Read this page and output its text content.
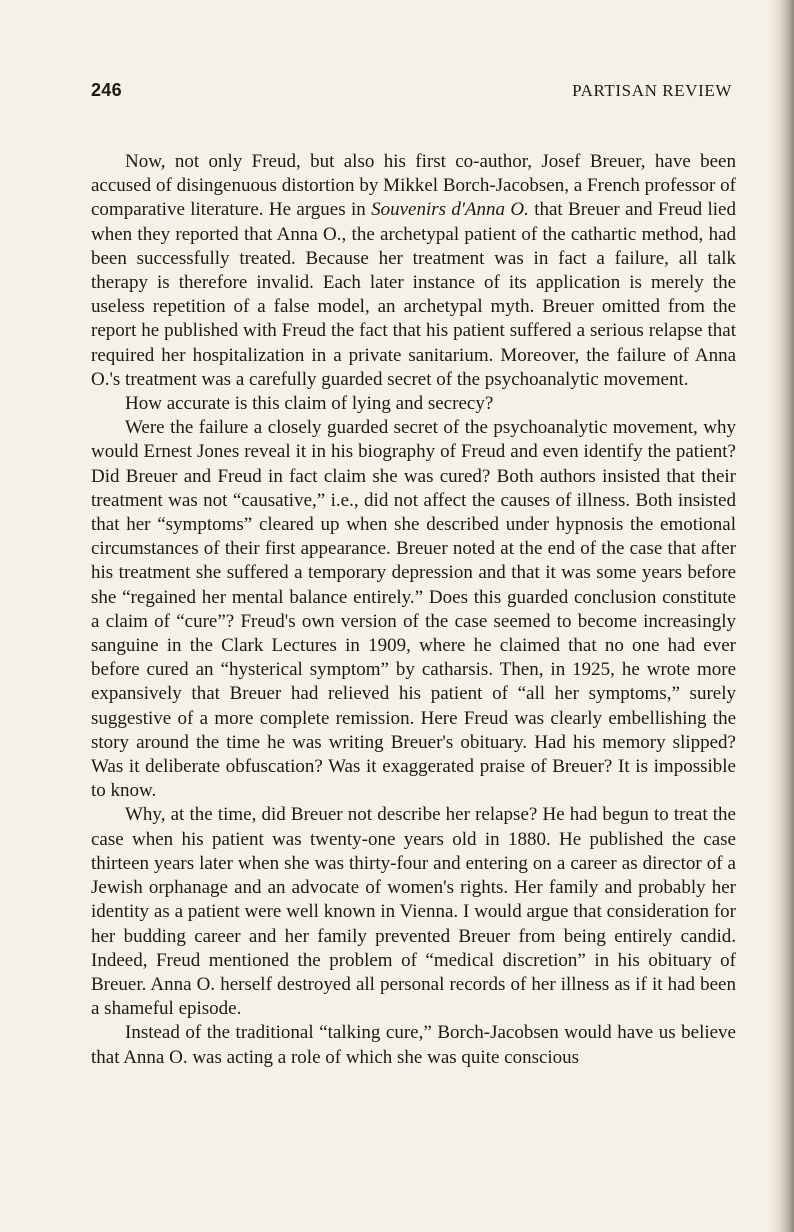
246	PARTISAN REVIEW

Now, not only Freud, but also his first co-author, Josef Breuer, have been accused of disingenuous distortion by Mikkel Borch-Jacobsen, a French professor of comparative literature. He argues in Souvenirs d'Anna O. that Breuer and Freud lied when they reported that Anna O., the archetypal patient of the cathartic method, had been successfully treated. Because her treatment was in fact a failure, all talk therapy is therefore invalid. Each later instance of its application is merely the useless repetition of a false model, an archetypal myth. Breuer omitted from the report he published with Freud the fact that his patient suffered a serious relapse that required her hospitalization in a private sanitarium. Moreover, the failure of Anna O.'s treatment was a carefully guarded secret of the psychoanalytic movement.

How accurate is this claim of lying and secrecy?

Were the failure a closely guarded secret of the psychoanalytic movement, why would Ernest Jones reveal it in his biography of Freud and even identify the patient? Did Breuer and Freud in fact claim she was cured? Both authors insisted that their treatment was not “causative,” i.e., did not affect the causes of illness. Both insisted that her “symptoms” cleared up when she described under hypnosis the emotional circumstances of their first appearance. Breuer noted at the end of the case that after his treatment she suffered a temporary depression and that it was some years before she “regained her mental balance entirely.” Does this guarded conclusion constitute a claim of “cure”? Freud's own version of the case seemed to become increasingly sanguine in the Clark Lectures in 1909, where he claimed that no one had ever before cured an “hysterical symptom” by catharsis. Then, in 1925, he wrote more expansively that Breuer had relieved his patient of “all her symptoms,” surely suggestive of a more complete remission. Here Freud was clearly embellishing the story around the time he was writing Breuer's obituary. Had his memory slipped? Was it deliberate obfuscation? Was it exaggerated praise of Breuer? It is impossible to know.

Why, at the time, did Breuer not describe her relapse? He had begun to treat the case when his patient was twenty-one years old in 1880. He published the case thirteen years later when she was thirty-four and entering on a career as director of a Jewish orphanage and an advocate of women's rights. Her family and probably her identity as a patient were well known in Vienna. I would argue that consideration for her budding career and her family prevented Breuer from being entirely candid. Indeed, Freud mentioned the problem of “medical discretion” in his obituary of Breuer. Anna O. herself destroyed all personal records of her illness as if it had been a shameful episode.

Instead of the traditional “talking cure,” Borch-Jacobsen would have us believe that Anna O. was acting a role of which she was quite conscious
